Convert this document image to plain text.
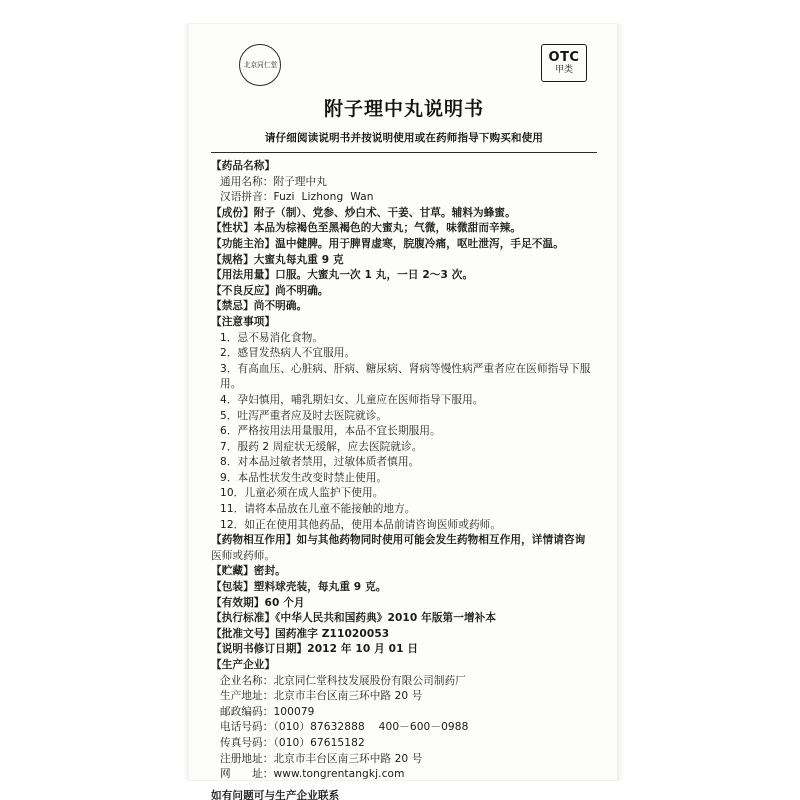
北京同仁堂
OTC
甲类
附子理中丸说明书
请仔细阅读说明书并按说明使用或在药师指导下购买和使用
【药品名称】
通用名称：附子理中丸
汉语拼音：Fuzi  Lizhong  Wan
【成份】附子（制）、党参、炒白术、干姜、甘草。辅料为蜂蜜。
【性状】本品为棕褐色至黑褐色的大蜜丸；气微，味微甜而辛辣。
【功能主治】温中健脾。用于脾胃虚寒，脘腹冷痛，呕吐泄泻，手足不温。
【规格】大蜜丸每丸重 9 克
【用法用量】口服。大蜜丸一次 1 丸，一日 2～3 次。
【不良反应】尚不明确。
【禁忌】尚不明确。
【注意事项】
1．忌不易消化食物。
2．感冒发热病人不宜服用。
3．有高血压、心脏病、肝病、糖尿病、肾病等慢性病严重者应在医师指导下服用。
4．孕妇慎用，哺乳期妇女、儿童应在医师指导下服用。
5．吐泻严重者应及时去医院就诊。
6．严格按用法用量服用，本品不宜长期服用。
7．服药 2 周症状无缓解，应去医院就诊。
8．对本品过敏者禁用，过敏体质者慎用。
9．本品性状发生改变时禁止使用。
10．儿童必须在成人监护下使用。
11．请将本品放在儿童不能接触的地方。
12．如正在使用其他药品，使用本品前请咨询医师或药师。
【药物相互作用】如与其他药物同时使用可能会发生药物相互作用，详情请咨询
医师或药师。
【贮藏】密封。
【包装】塑料球壳装，每丸重 9 克。
【有效期】60 个月
【执行标准】《中华人民共和国药典》2010 年版第一增补本
【批准文号】国药准字 Z11020053
【说明书修订日期】2012 年 10 月 01 日
【生产企业】
企业名称：北京同仁堂科技发展股份有限公司制药厂
生产地址：北京市丰台区南三环中路 20 号
邮政编码：100079
电话号码：（010）87632888    400－600－0988
传真号码：（010）67615182
注册地址：北京市丰台区南三环中路 20 号
网　　址：www.tongrentangkj.com
如有问题可与生产企业联系
